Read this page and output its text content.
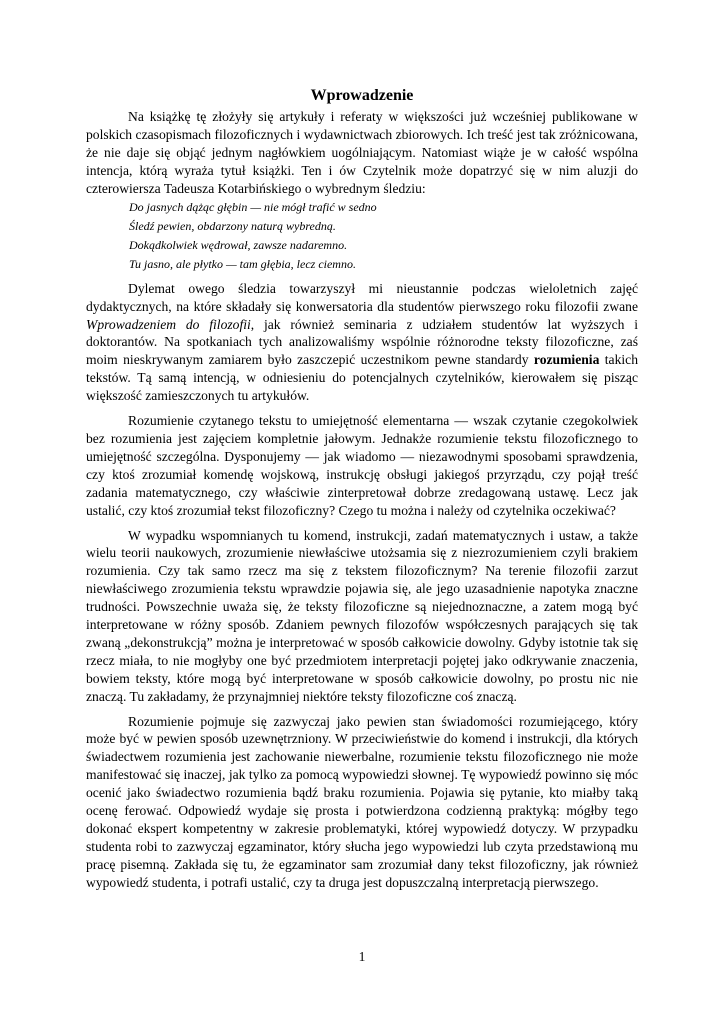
Wprowadzenie

Na książkę tę złożyły się artykuły i referaty w większości już wcześniej publikowane w polskich czasopismach filozoficznych i wydawnictwach zbiorowych. Ich treść jest tak zróżnicowana, że nie daje się objąć jednym nagłówkiem uogólniającym. Natomiast wiąże je w całość wspólna intencja, którą wyraża tytuł książki. Ten i ów Czytelnik może dopatrzyć się w nim aluzji do czterowiersza Tadeusza Kotarbińskiego o wybrednym śledziu:

Do jasnych dążąc głębin — nie mógł trafić w sedno
Śledź pewien, obdarzony naturą wybredną.
Dokądkolwiek wędrował, zawsze nadaremno.
Tu jasno, ale płytko — tam głębia, lecz ciemno.

Dylemat owego śledzia towarzyszył mi nieustannie podczas wieloletnich zajęć dydaktycznych, na które składały się konwersatoria dla studentów pierwszego roku filozofii zwane Wprowadzeniem do filozofii, jak również seminaria z udziałem studentów lat wyższych i doktorantów. Na spotkaniach tych analizowaliśmy wspólnie różnorodne teksty filozoficzne, zaś moim nieskrywanym zamiarem było zaszczepić uczestnikom pewne standardy rozumienia takich tekstów. Tą samą intencją, w odniesieniu do potencjalnych czytelników, kierowałem się pisząc większość zamieszczonych tu artykułów.

Rozumienie czytanego tekstu to umiejętność elementarna — wszak czytanie czegokolwiek bez rozumienia jest zajęciem kompletnie jałowym. Jednakże rozumienie tekstu filozoficznego to umiejętność szczególna. Dysponujemy — jak wiadomo — niezawodnymi sposobami sprawdzenia, czy ktoś zrozumiał komendę wojskową, instrukcję obsługi jakiegoś przyrządu, czy pojął treść zadania matematycznego, czy właściwie zinterpretował dobrze zredagowaną ustawę. Lecz jak ustalić, czy ktoś zrozumiał tekst filozoficzny? Czego tu można i należy od czytelnika oczekiwać?

W wypadku wspomnianych tu komend, instrukcji, zadań matematycznych i ustaw, a także wielu teorii naukowych, zrozumienie niewłaściwe utożsamia się z niezrozumieniem czyli brakiem rozumienia. Czy tak samo rzecz ma się z tekstem filozoficznym? Na terenie filozofii zarzut niewłaściwego zrozumienia tekstu wprawdzie pojawia się, ale jego uzasadnienie napotyka znaczne trudności. Powszechnie uważa się, że teksty filozoficzne są niejednoznaczne, a zatem mogą być interpretowane w różny sposób. Zdaniem pewnych filozofów współczesnych parających się tak zwaną „dekonstrukcją” można je interpretować w sposób całkowicie dowolny. Gdyby istotnie tak się rzecz miała, to nie mogłyby one być przedmiotem interpretacji pojętej jako odkrywanie znaczenia, bowiem teksty, które mogą być interpretowane w sposób całkowicie dowolny, po prostu nic nie znaczą. Tu zakładamy, że przynajmniej niektóre teksty filozoficzne coś znaczą.

Rozumienie pojmuje się zazwyczaj jako pewien stan świadomości rozumiejącego, który może być w pewien sposób uzewnętrzniony. W przeciwieństwie do komend i instrukcji, dla których świadectwem rozumienia jest zachowanie niewerbalne, rozumienie tekstu filozoficznego nie może manifestować się inaczej, jak tylko za pomocą wypowiedzi słownej. Tę wypowiedź powinno się móc ocenić jako świadectwo rozumienia bądź braku rozumienia. Pojawia się pytanie, kto miałby taką ocenę ferować. Odpowiedź wydaje się prosta i potwierdzona codzienną praktyką: mógłby tego dokonać ekspert kompetentny w zakresie problematyki, której wypowiedź dotyczy. W przypadku studenta robi to zazwyczaj egzaminator, który słucha jego wypowiedzi lub czyta przedstawioną mu pracę pisemną. Zakłada się tu, że egzaminator sam zrozumiał dany tekst filozoficzny, jak również wypowiedź studenta, i potrafi ustalić, czy ta druga jest dopuszczalną interpretacją pierwszego.

1
